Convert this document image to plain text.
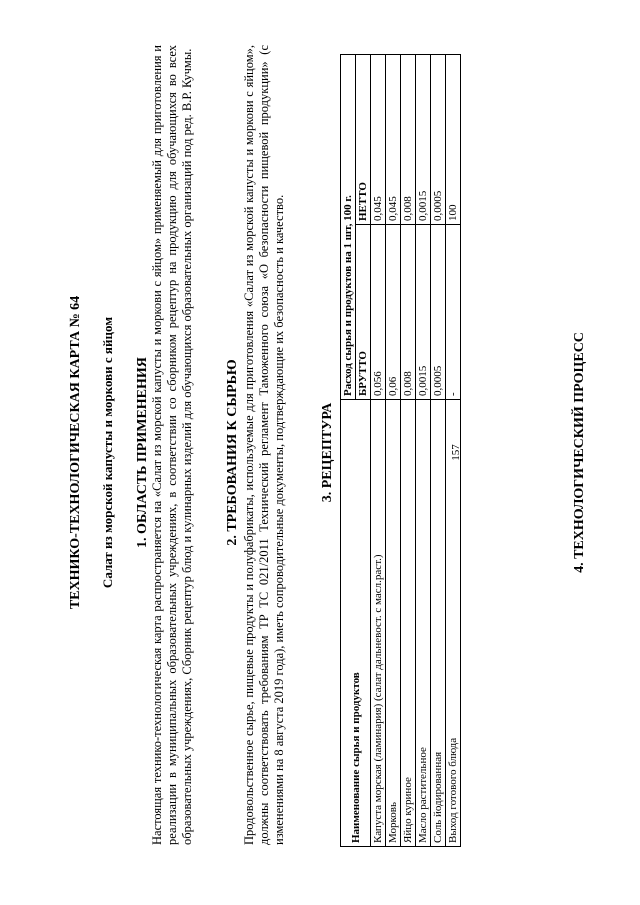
ТЕХНИКО-ТЕХНОЛОГИЧЕСКАЯ КАРТА № 64 Салат из морской капусты и моркови с яйцом 1. ОБЛАСТЬ ПРИМЕНЕНИЯ Настоящая технико-технологическая карта распространяется на «Салат из морской капусты и моркови с яйцом» применяемый для приготовления и реализации в муниципальных образовательных учреждениях, в соответствии со сборником рецептур на продукцию для обучающихся во всех образовательных учреждениях, Сборник рецептур блюд и кулинарных изделий для обучающихся образовательных организаций под ред. В.Р. Кучмы. 2. ТРЕБОВАНИЯ К СЫРЬЮ Продовольственное сырье, пищевые продукты и полуфабрикаты, используемые для приготовления «Салат из морской капусты и моркови с яйцом», должны соответствовать требованиям ТР ТС 021/2011 Технический регламент Таможенного союза «О безопасности пищевой продукции» (с изменениями на 8 августа 2019 года), иметь сопроводительные документы, подтверждающие их безопасность и качество. 3. РЕЦЕПТУРА
Наименование сырья и продуктов	Расход сырья и продуктов на 1 шт, 100 г.	
	БРУТТО	НЕТТО
Капуста морская (ламинария) (салат дальневост. с масл.раст.)	0,056	0,045
Морковь	0,06	0,045
Яйцо куриное	0,008	0,008
Масло растительное	0,0015	0,0015
Соль йодированная	0,0005	0,0005
Выход готового блюда	-	100
4. ТЕХНОЛОГИЧЕСКИЙ ПРОЦЕСС
157
